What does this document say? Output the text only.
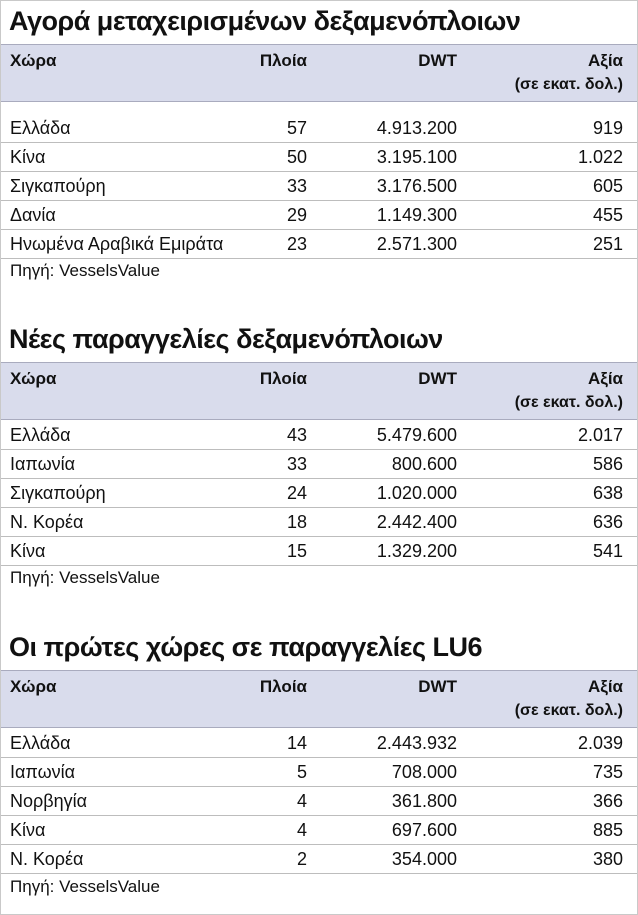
Αγορά μεταχειρισμένων δεξαμενόπλοιων
Χώρα	Πλοία	DWT	Αξία
(σε εκατ. δολ.)
Ελλάδα	57	4.913.200	919
Κίνα	50	3.195.100	1.022
Σιγκαπούρη	33	3.176.500	605
Δανία	29	1.149.300	455
Ηνωμένα Αραβικά Εμιράτα	23	2.571.300	251
Πηγή: VesselsValue
Νέες παραγγελίες δεξαμενόπλοιων
Χώρα	Πλοία	DWT	Αξία
(σε εκατ. δολ.)
Ελλάδα	43	5.479.600	2.017
Ιαπωνία	33	800.600	586
Σιγκαπούρη	24	1.020.000	638
Ν. Κορέα	18	2.442.400	636
Κίνα	15	1.329.200	541
Πηγή: VesselsValue
Οι πρώτες χώρες σε παραγγελίες LU6
Χώρα	Πλοία	DWT	Αξία
(σε εκατ. δολ.)
Ελλάδα	14	2.443.932	2.039
Ιαπωνία	5	708.000	735
Νορβηγία	4	361.800	366
Κίνα	4	697.600	885
Ν. Κορέα	2	354.000	380
Πηγή: VesselsValue
